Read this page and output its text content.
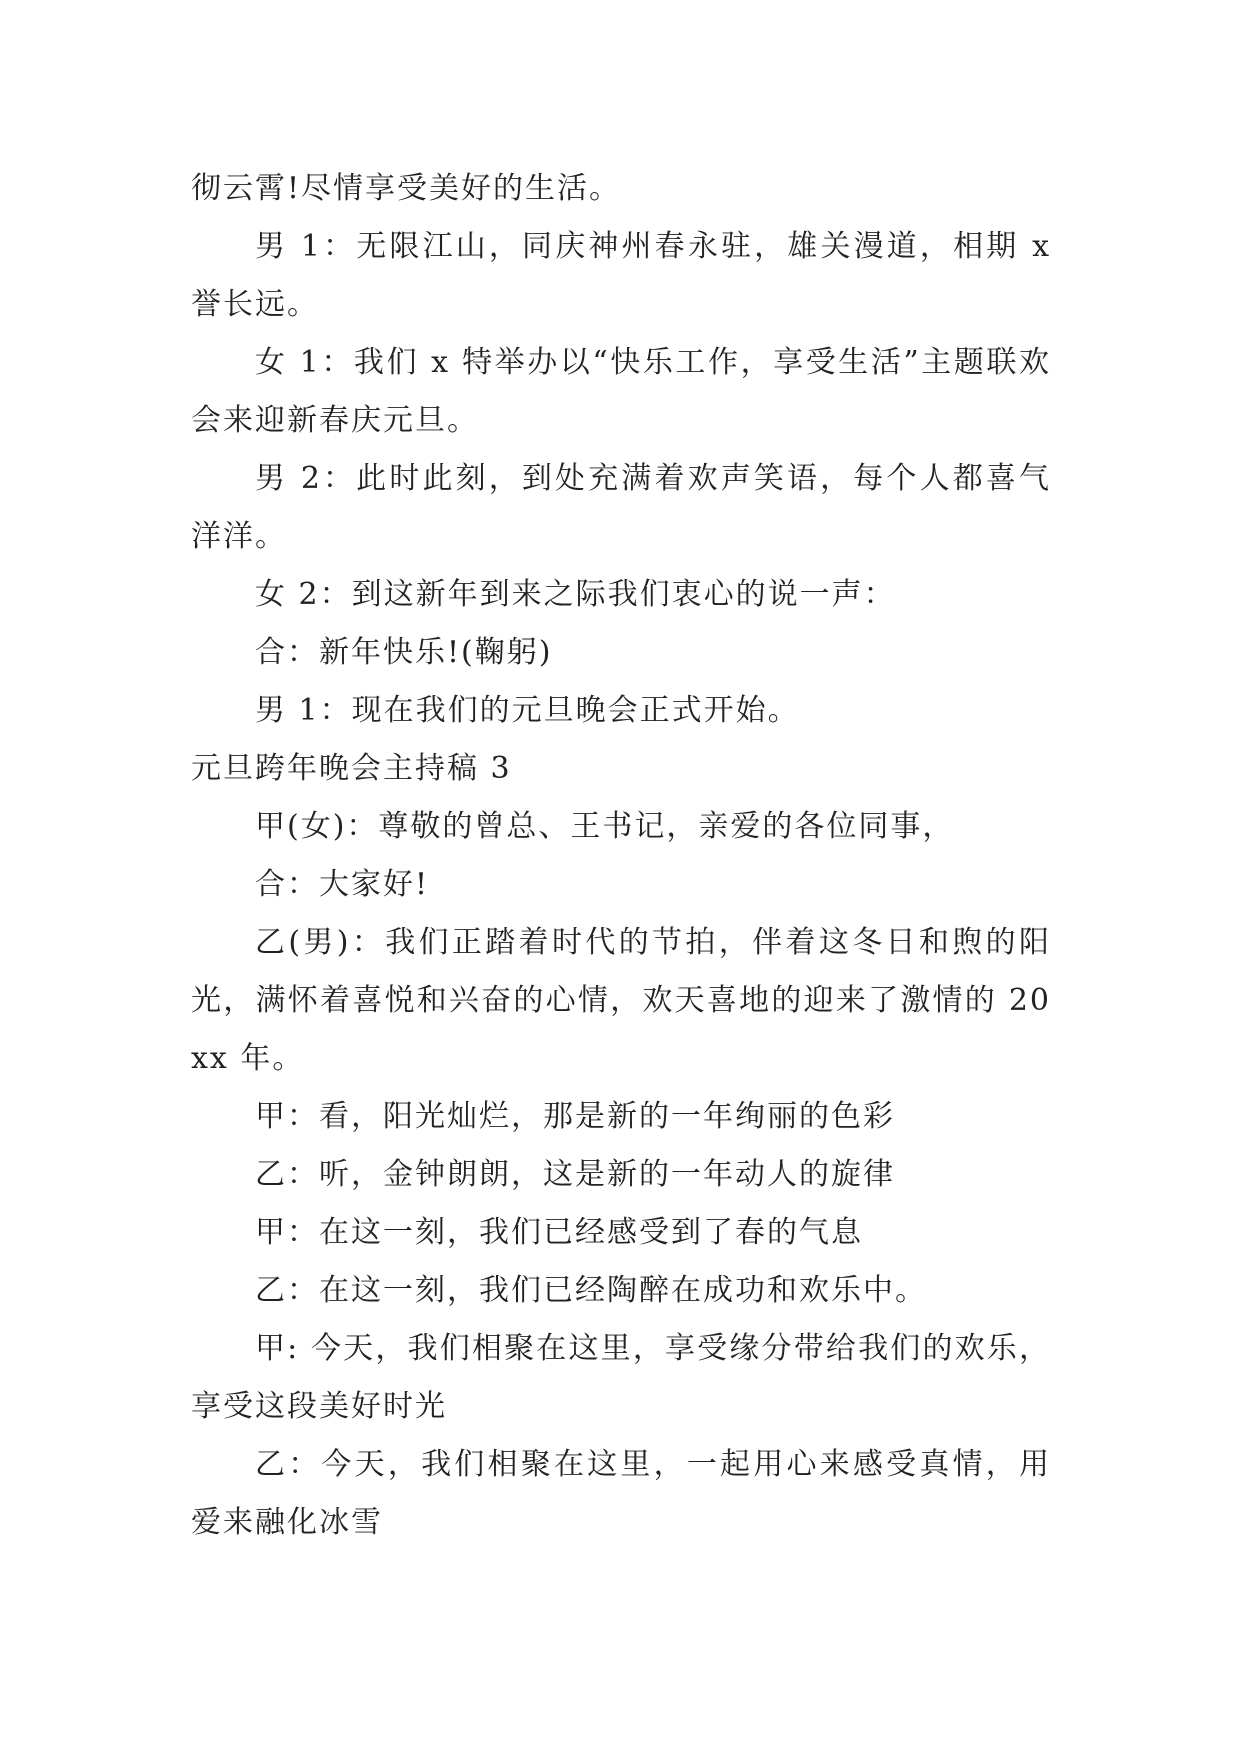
彻云霄!尽情享受美好的生活。

男 1：无限江山，同庆神州春永驻，雄关漫道，相期 x 誉长远。

女 1：我们 x 特举办以“快乐工作，享受生活”主题联欢会来迎新春庆元旦。

男 2：此时此刻，到处充满着欢声笑语，每个人都喜气洋洋。

女 2：到这新年到来之际我们衷心的说一声：

合：新年快乐!(鞠躬)

男 1：现在我们的元旦晚会正式开始。

元旦跨年晚会主持稿 3

甲(女)：尊敬的曾总、王书记，亲爱的各位同事，

合：大家好!

乙(男)：我们正踏着时代的节拍，伴着这冬日和煦的阳光，满怀着喜悦和兴奋的心情，欢天喜地的迎来了激情的 20xx 年。

甲：看，阳光灿烂，那是新的一年绚丽的色彩

乙：听，金钟朗朗，这是新的一年动人的旋律

甲：在这一刻，我们已经感受到了春的气息

乙：在这一刻，我们已经陶醉在成功和欢乐中。

甲: 今天，我们相聚在这里，享受缘分带给我们的欢乐，享受这段美好时光

乙：今天，我们相聚在这里，一起用心来感受真情，用爱来融化冰雪
